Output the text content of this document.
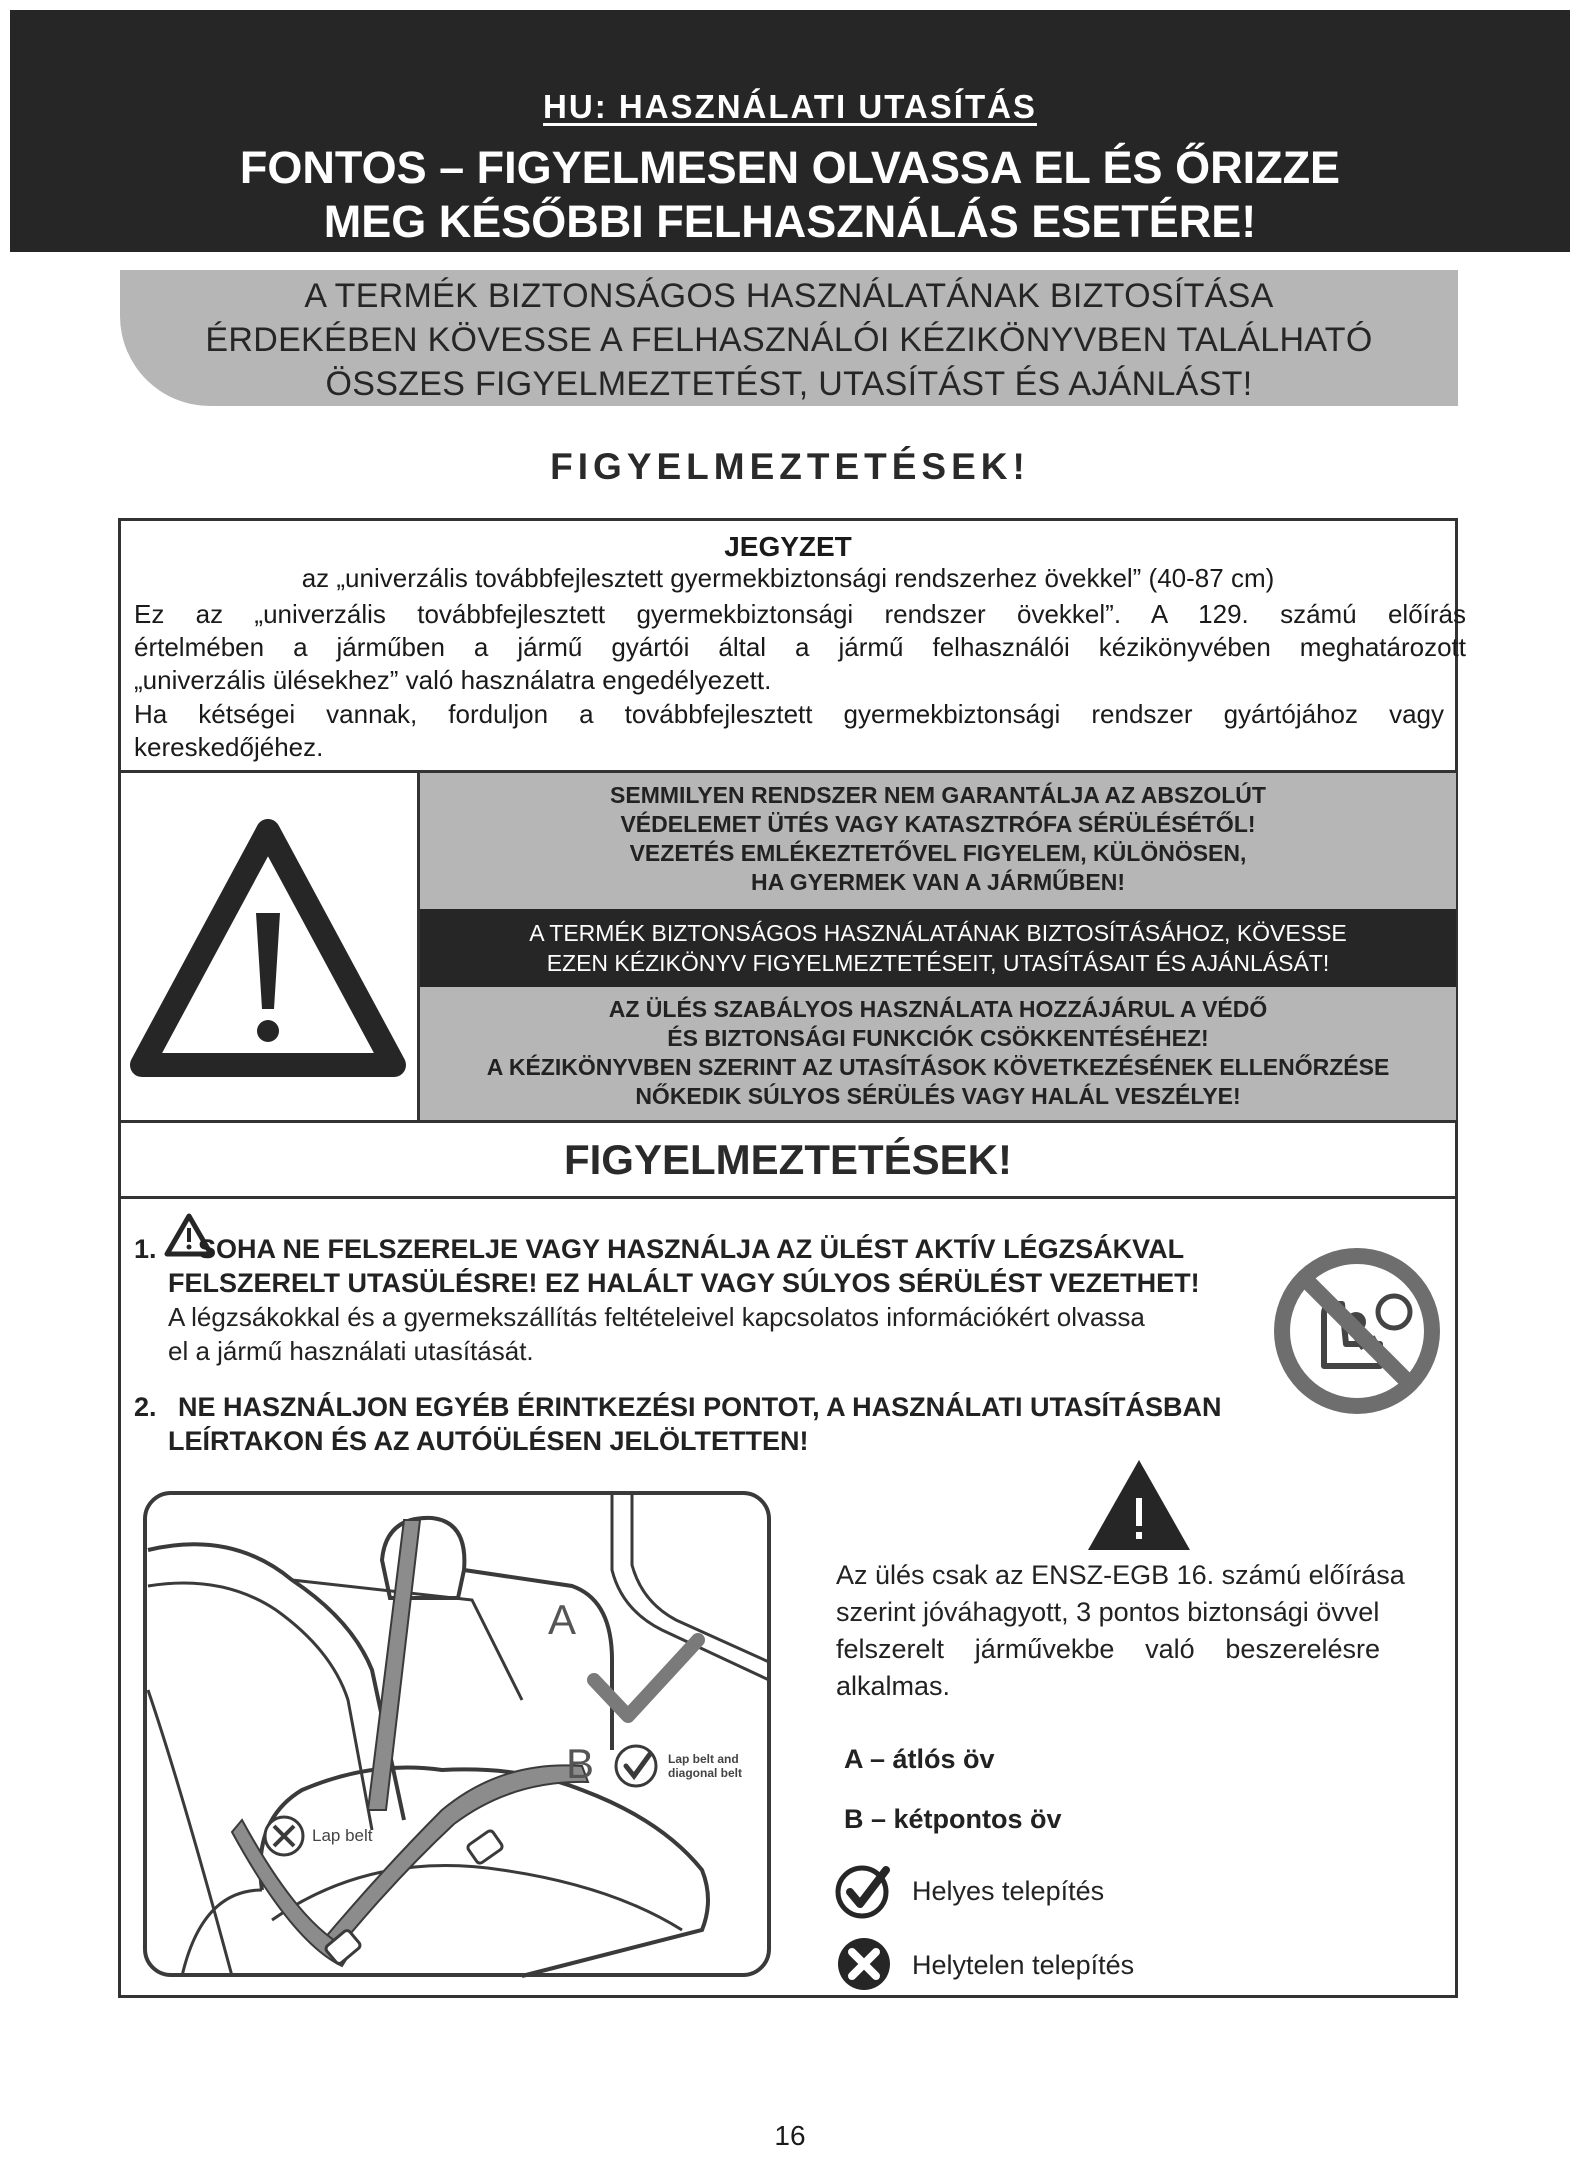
HU: HASZNÁLATI UTASÍTÁS
FONTOS – FIGYELMESEN OLVASSA EL ÉS ŐRIZZE
MEG KÉSŐBBI FELHASZNÁLÁS ESETÉRE!
A TERMÉK BIZTONSÁGOS HASZNÁLATÁNAK BIZTOSÍTÁSA
ÉRDEKÉBEN KÖVESSE A FELHASZNÁLÓI KÉZIKÖNYVBEN TALÁLHATÓ
ÖSSZES FIGYELMEZTETÉST, UTASÍTÁST ÉS AJÁNLÁST!
FIGYELMEZTETÉSEK!
JEGYZET
az „univerzális továbbfejlesztett gyermekbiztonsági rendszerhez övekkel” (40-87 cm)
Ez az „univerzális továbbfejlesztett gyermekbiztonsági rendszer övekkel”. A 129. számú előírás
értelmében a járműben a jármű gyártói által a jármű felhasználói kézikönyvében meghatározott
„univerzális ülésekhez” való használatra engedélyezett.
Ha kétségei vannak, forduljon a továbbfejlesztett gyermekbiztonsági rendszer gyártójához vagy
kereskedőjéhez.
SEMMILYEN RENDSZER NEM GARANTÁLJA AZ ABSZOLÚT
VÉDELEMET ÜTÉS VAGY KATASZTRÓFA SÉRÜLÉSÉTŐL!
VEZETÉS EMLÉKEZTETŐVEL FIGYELEM, KÜLÖNÖSEN,
HA GYERMEK VAN A JÁRMŰBEN!
A TERMÉK BIZTONSÁGOS HASZNÁLATÁNAK BIZTOSÍTÁSÁHOZ, KÖVESSE
EZEN KÉZIKÖNYV FIGYELMEZTETÉSEIT, UTASÍTÁSAIT ÉS AJÁNLÁSÁT!
AZ ÜLÉS SZABÁLYOS HASZNÁLATA HOZZÁJÁRUL A VÉDŐ
ÉS BIZTONSÁGI FUNKCIÓK CSÖKKENTÉSÉHEZ!
A KÉZIKÖNYVBEN SZERINT AZ UTASÍTÁSOK KÖVETKEZÉSÉNEK ELLENŐRZÉSE
NŐKEDIK SÚLYOS SÉRÜLÉS VAGY HALÁL VESZÉLYE!
FIGYELMEZTETÉSEK!
1. SOHA NE FELSZERELJE VAGY HASZNÁLJA AZ ÜLÉST AKTÍV LÉGZSÁKVAL
FELSZERELT UTASÜLÉSRE! EZ HALÁLT VAGY SÚLYOS SÉRÜLÉST VEZETHET!
A légzsákokkal és a gyermekszállítás feltételeivel kapcsolatos információkért olvassa
el a jármű használati utasítását.
2. NE HASZNÁLJON EGYÉB ÉRINTKEZÉSI PONTOT, A HASZNÁLATI UTASÍTÁSBAN
LEÍRTAKON ÉS AZ AUTÓÜLÉSEN JELÖLTETTEN!
A
B	Lap belt and
diagonal belt
Lap belt
Az ülés csak az ENSZ-EGB 16. számú előírása
szerint jóváhagyott, 3 pontos biztonsági övvel
felszerelt járművekbe való beszerelésre
alkalmas.
A – átlós öv
B – kétpontos öv
Helyes telepítés
Helytelen telepítés
16
